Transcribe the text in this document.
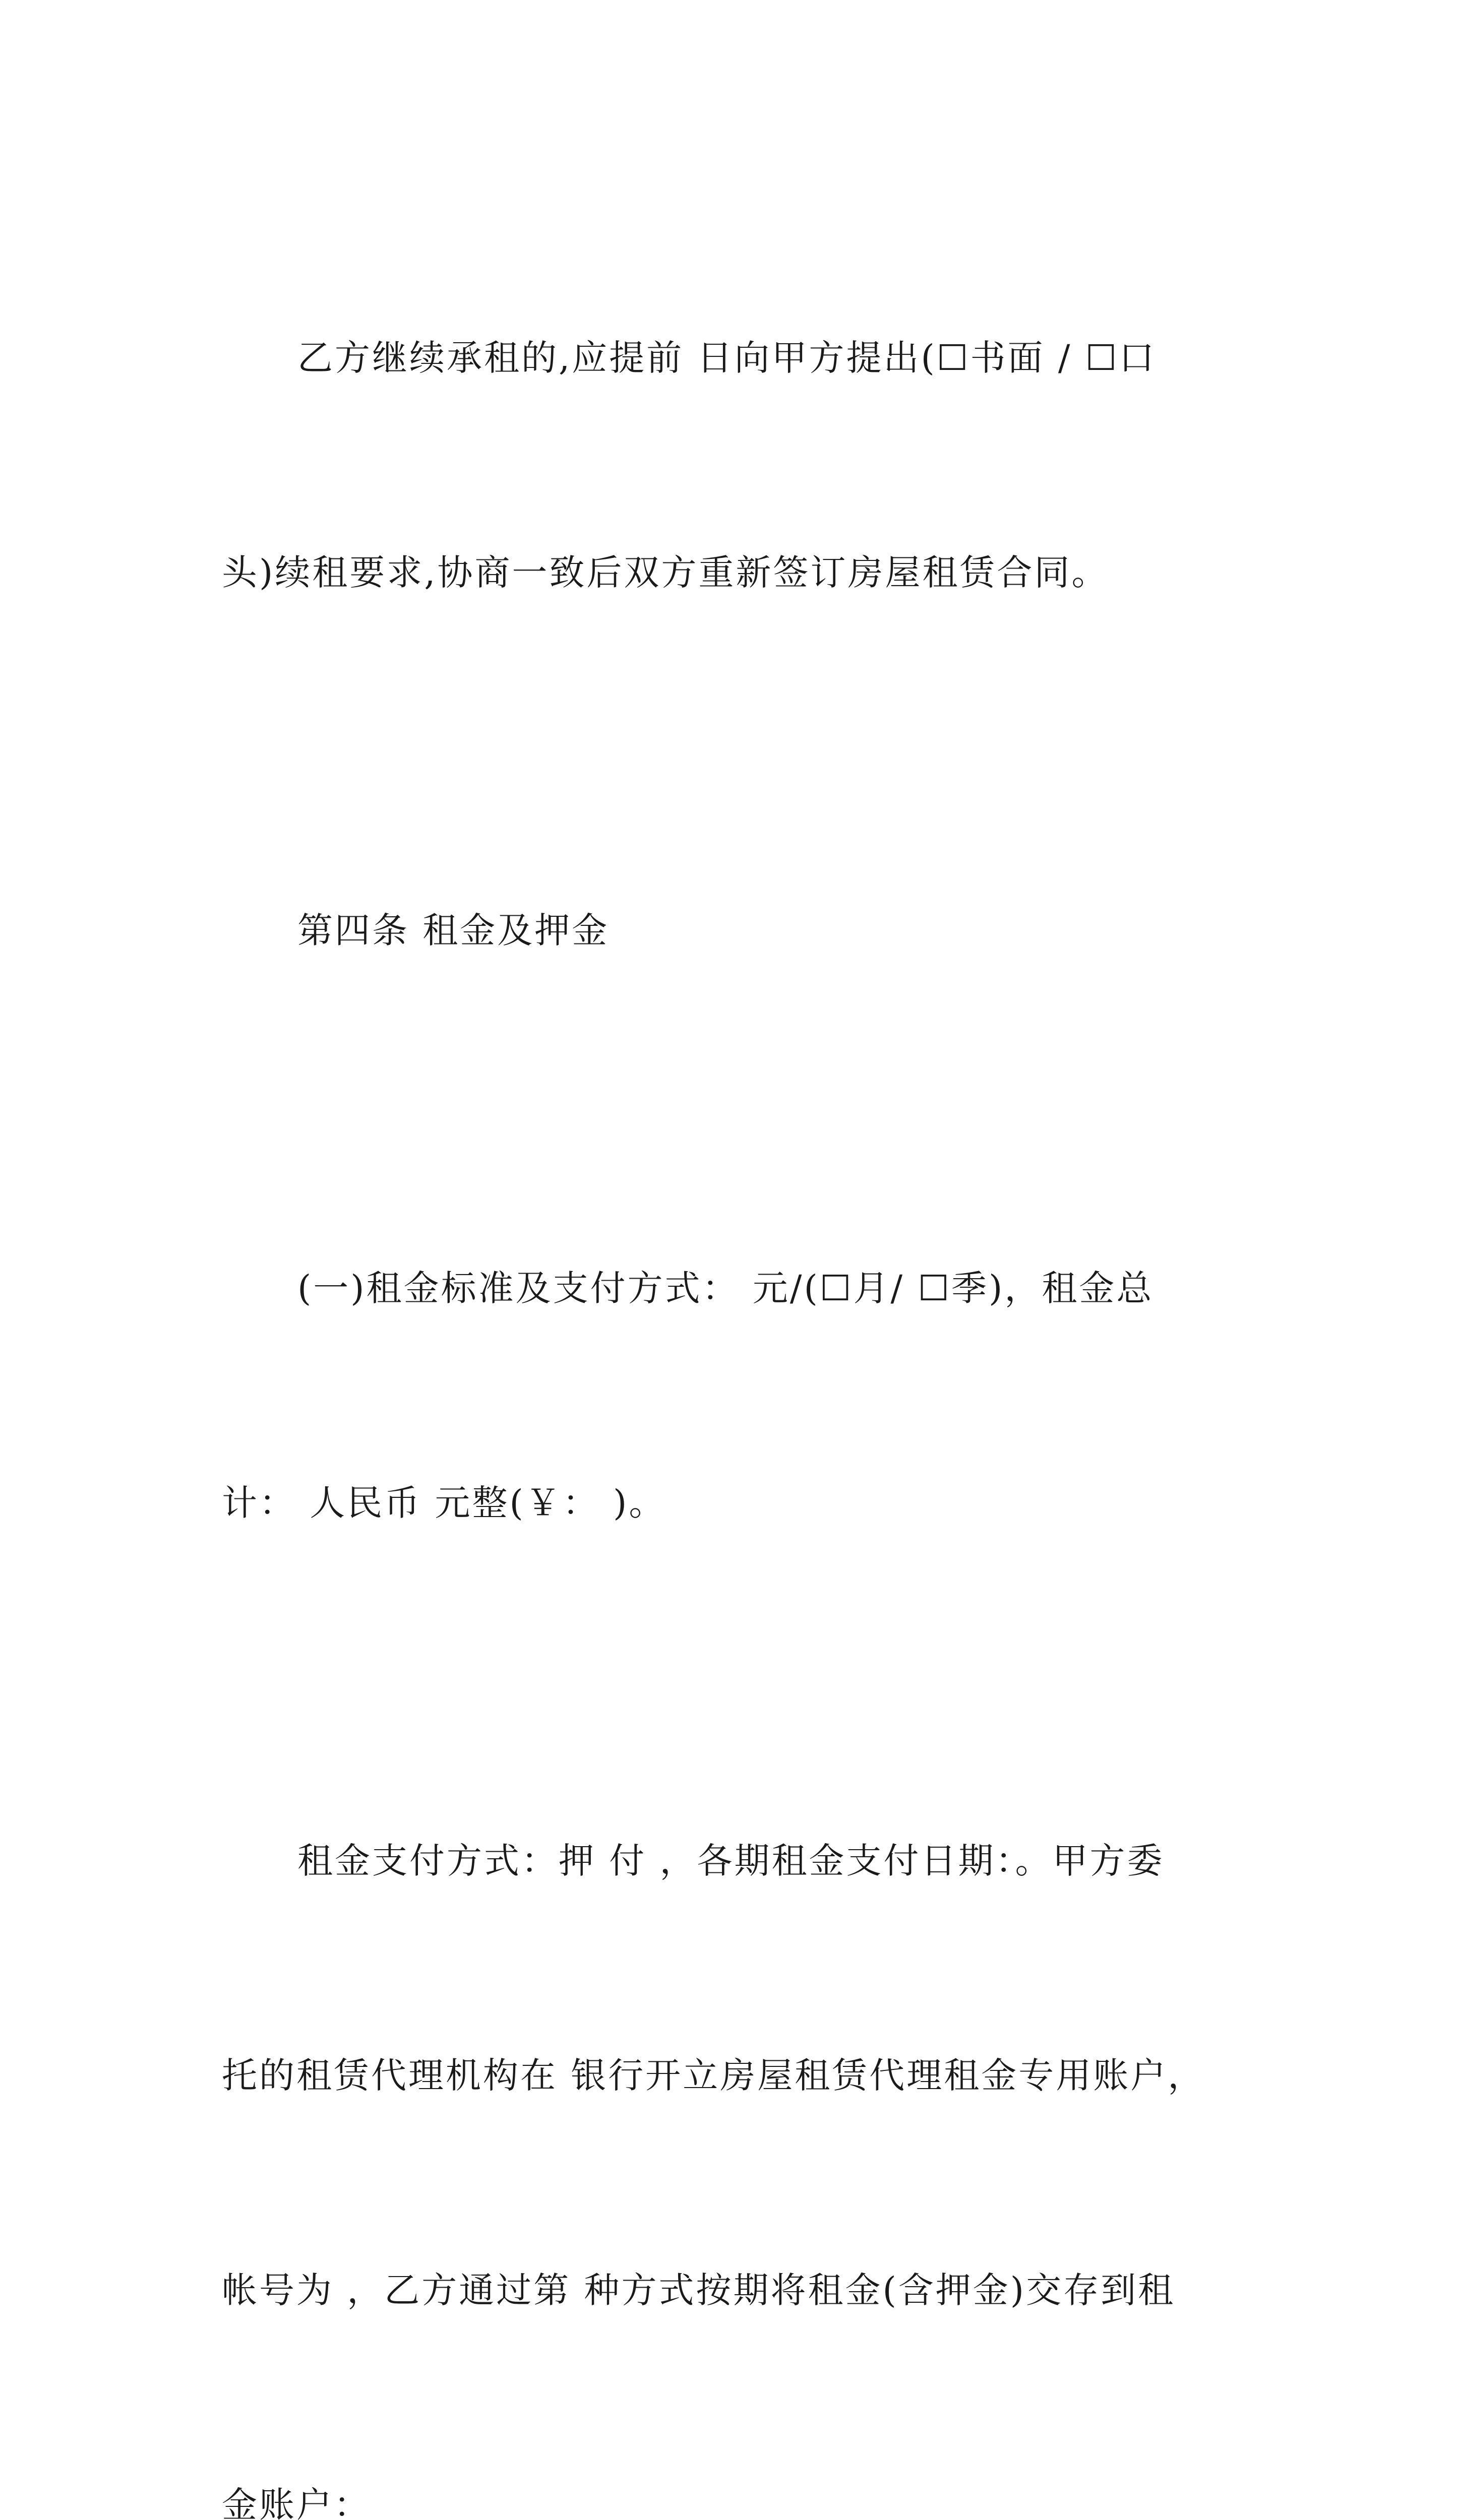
乙方继续承租的,应提前 日向甲方提出(☐书面 / ☐口

头)续租要求,协商一致后双方重新签订房屋租赁合同。

第四条 租金及押金

(一)租金标准及支付方式： 元/(☐月/ ☐季)，租金总

计： 人民币 元整(￥： )。

租金支付方式：押 付 ，各期租金支付日期：。甲方委

托的租赁代理机构在 银行开立房屋租赁代理租金专用账户，

帐号为 ，乙方通过第 种方式按期将租金(含押金)交存到租

金账户：
